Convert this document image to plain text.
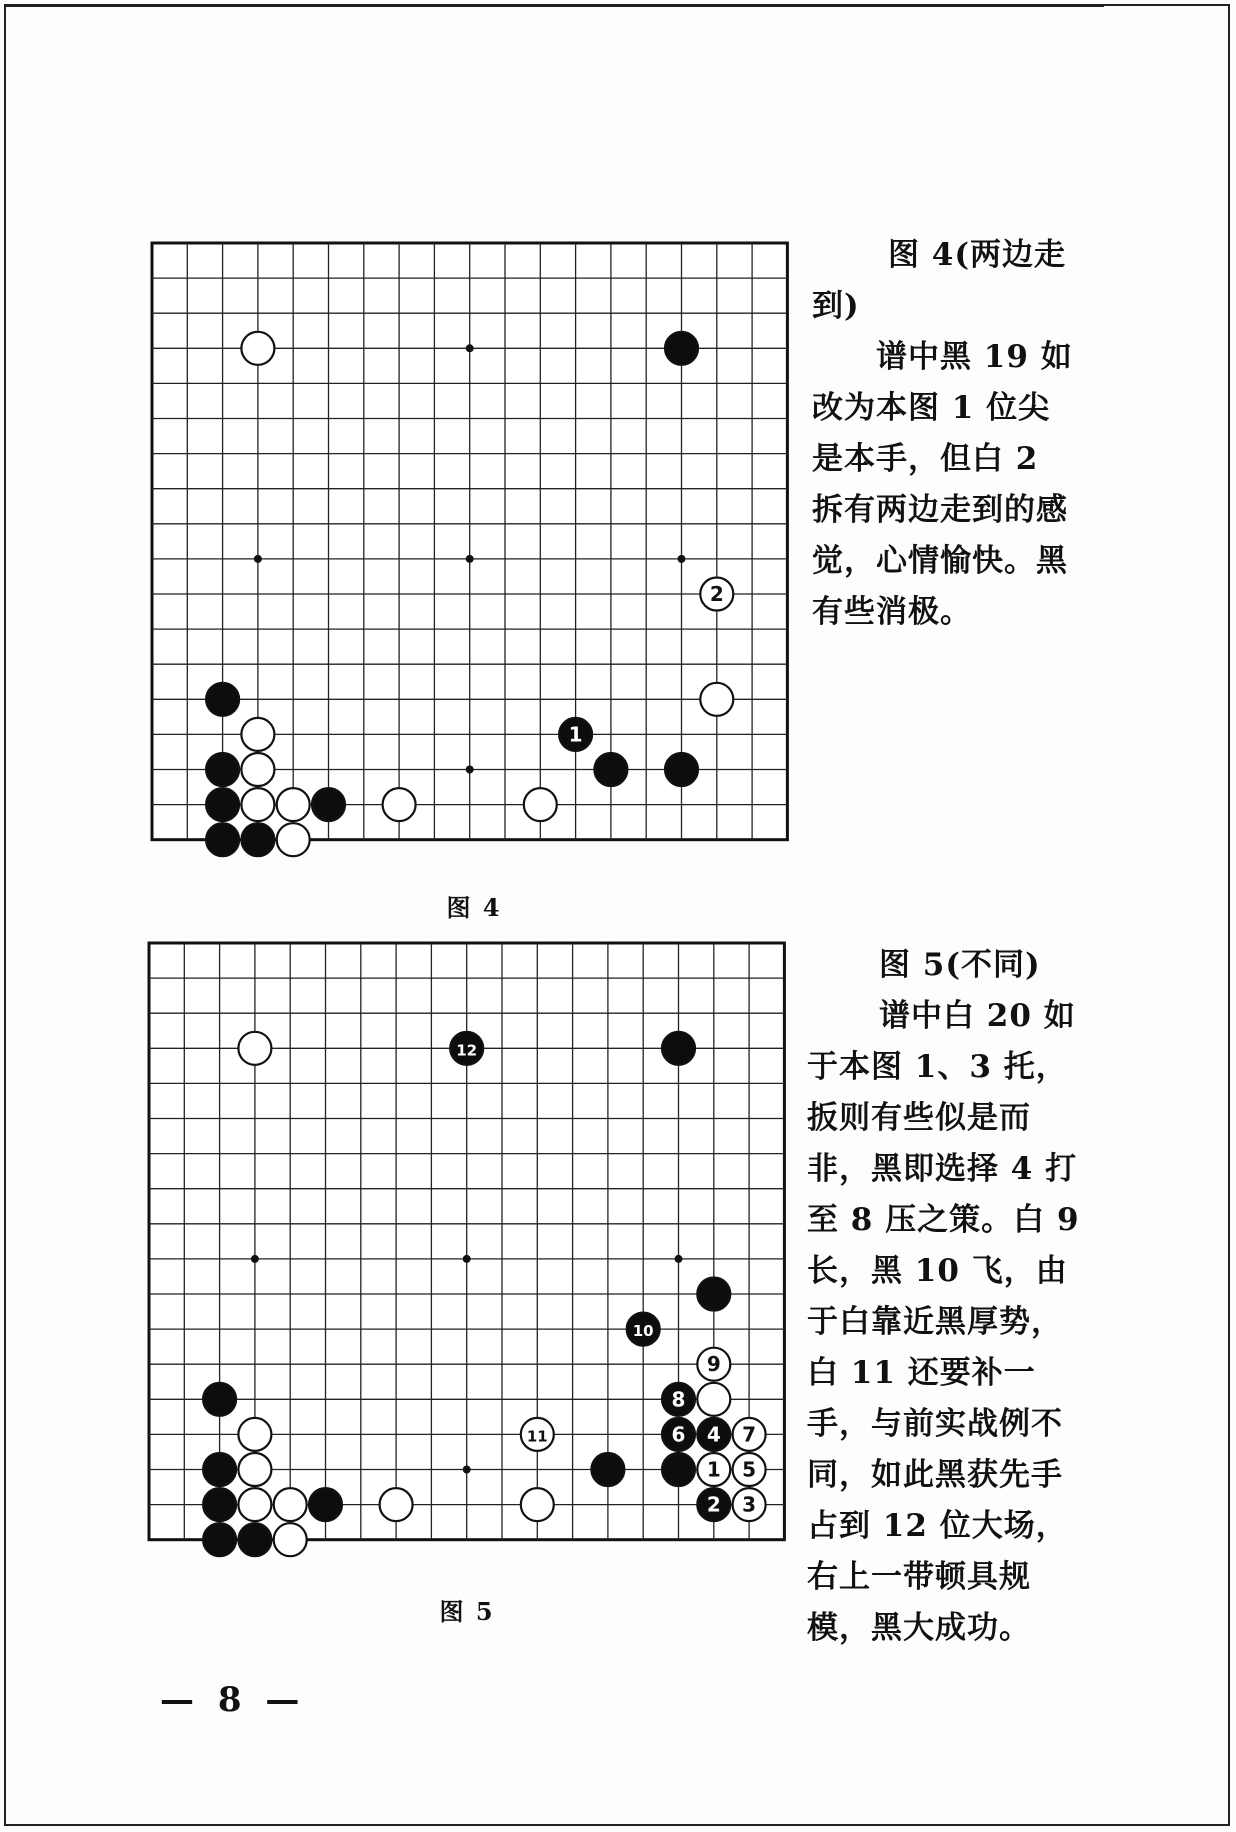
2
1
图 4
图 4(两边走到)

谱中黑 19 如改为本图 1 位尖是本手，但白 2 拆有两边走到的感觉，心情愉快。黑有些消极。

12
10
9
8
11	6 4 7
1 5
2 3
图 5
图 5(不同)

谱中白 20 如于本图 1、3 托，扳则有些似是而非，黑即选择 4 打至 8 压之策。白 9 长，黑 10 飞，由于白靠近黑厚势，白 11 还要补一手，与前实战例不同，如此黑获先手占到 12 位大场，右上一带顿具规模，黑大成功。

— 8 —
